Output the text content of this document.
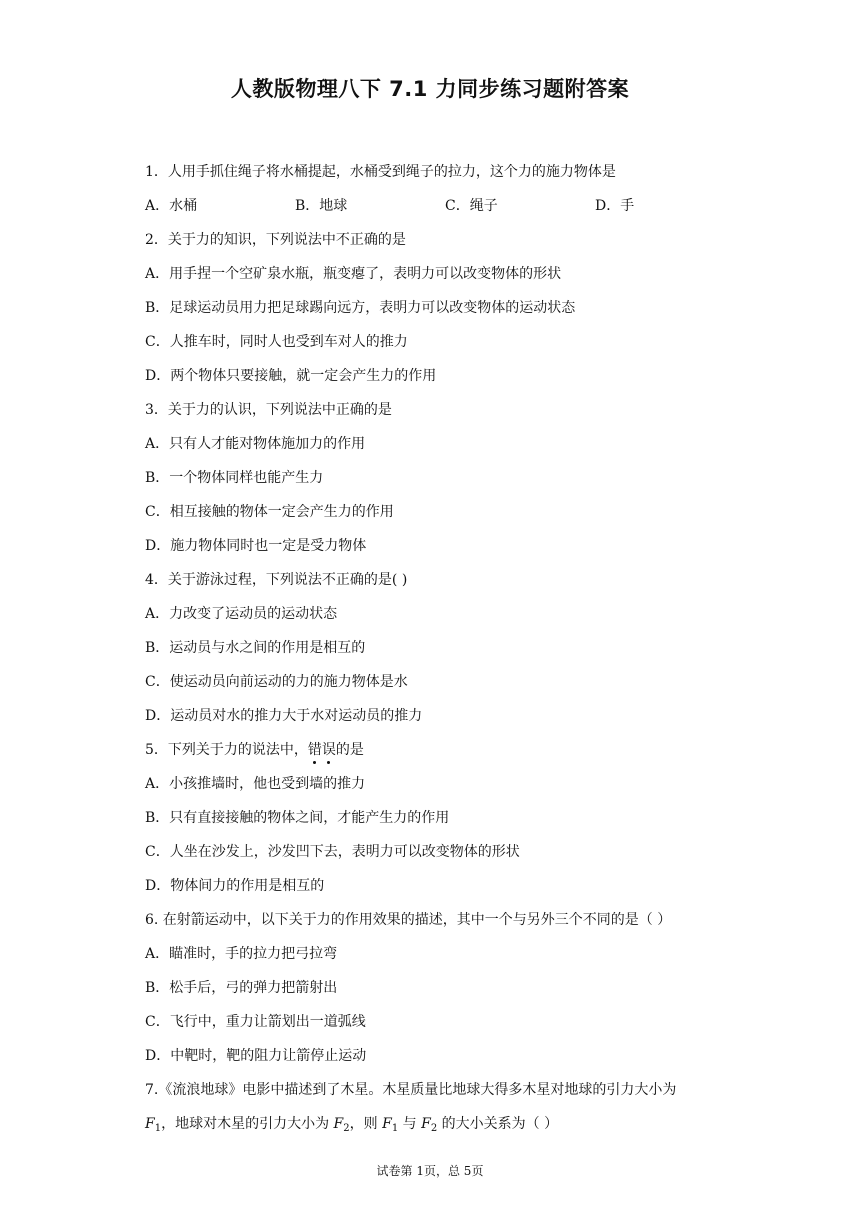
人教版物理八下 7.1 力同步练习题附答案
1．人用手抓住绳子将水桶提起，水桶受到绳子的拉力，这个力的施力物体是
A．水桶	B．地球	C．绳子	D．手
2．关于力的知识，下列说法中不正确的是
A．用手捏一个空矿泉水瓶，瓶变瘪了，表明力可以改变物体的形状
B．足球运动员用力把足球踢向远方，表明力可以改变物体的运动状态
C．人推车时，同时人也受到车对人的推力
D．两个物体只要接触，就一定会产生力的作用
3．关于力的认识，下列说法中正确的是
A．只有人才能对物体施加力的作用
B．一个物体同样也能产生力
C．相互接触的物体一定会产生力的作用
D．施力物体同时也一定是受力物体
4．关于游泳过程，下列说法不正确的是( )
A．力改变了运动员的运动状态
B．运动员与水之间的作用是相互的
C．使运动员向前运动的力的施力物体是水
D．运动员对水的推力大于水对运动员的推力
5．下列关于力的说法中，错
误
的是
A．小孩推墙时，他也受到墙的推力
B．只有直接接触的物体之间，才能产生力的作用
C．人坐在沙发上，沙发凹下去，表明力可以改变物体的形状
D．物体间力的作用是相互的
6. 在射箭运动中，以下关于力的作用效果的描述，其中一个与另外三个不同的是（ ）
A．瞄准时，手的拉力把弓拉弯
B．松手后，弓的弹力把箭射出
C．飞行中，重力让箭划出一道弧线
D．中靶时，靶的阻力让箭停止运动
7.《流浪地球》电影中描述到了木星。木星质量比地球大得多木星对地球的引力大小为
$F_1$，地球对木星的引力大小为 $F_2$，则 $F_1$ 与 $F_2$ 的大小关系为（ ）
试卷第 1页，总 5页
